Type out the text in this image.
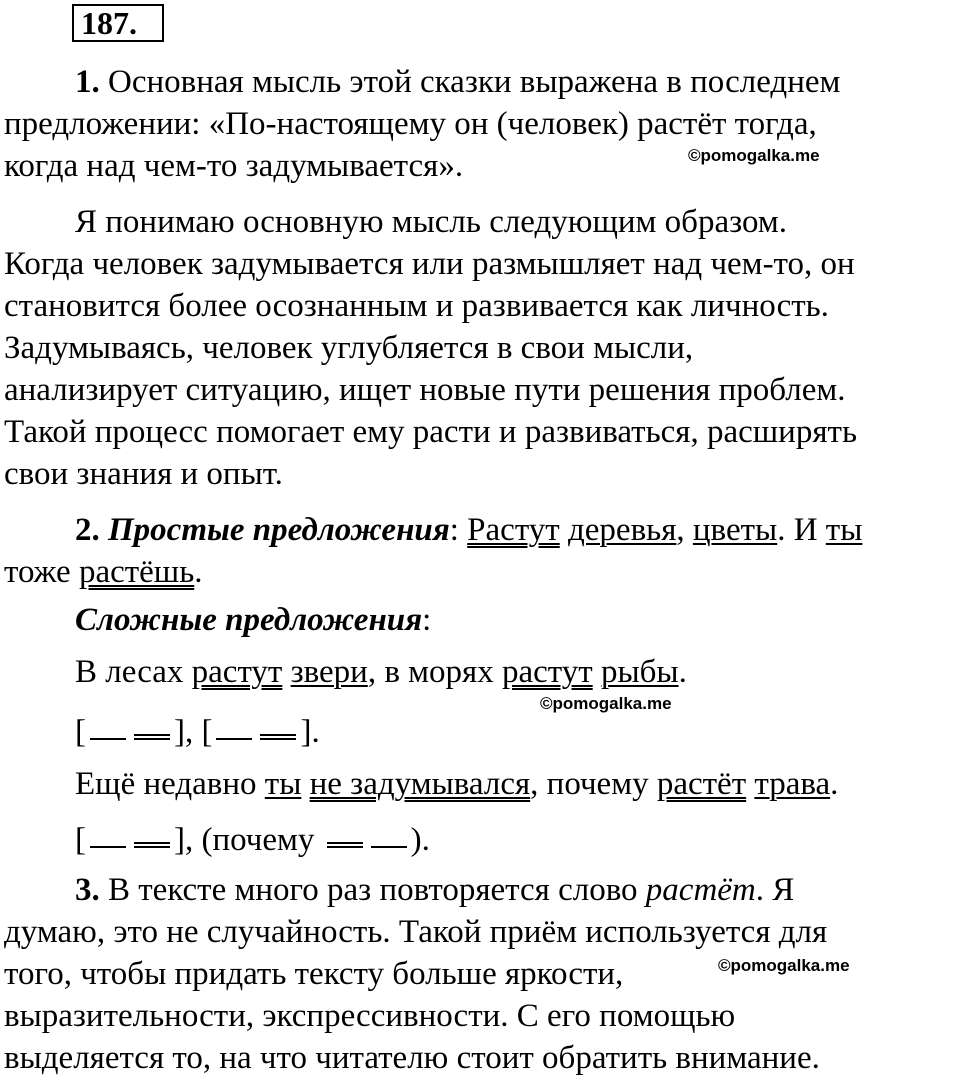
187.
1. Основная мысль этой сказки выражена в последнем
предложении: «По-настоящему он (человек) растёт тогда,
когда над чем-то задумывается».	©pomogalka.me
Я понимаю основную мысль следующим образом.
Когда человек задумывается или размышляет над чем-то, он
становится более осознанным и развивается как личность.
Задумываясь, человек углубляется в свои мысли,
анализирует ситуацию, ищет новые пути решения проблем.
Такой процесс помогает ему расти и развиваться, расширять
свои знания и опыт.
2. Простые предложения: Растут деревья, цветы. И ты
тоже растёшь.
Сложные предложения:
В лесах растут звери, в морях растут рыбы.
©pomogalka.me
[	], [	].
Ещё недавно ты не задумывался, почему растёт трава.
[	], (почему	).
3. В тексте много раз повторяется слово растёт. Я
думаю, это не случайность. Такой приём используется для
того, чтобы придать тексту больше яркости,	©pomogalka.me
выразительности, экспрессивности. С его помощью
выделяется то, на что читателю стоит обратить внимание.
